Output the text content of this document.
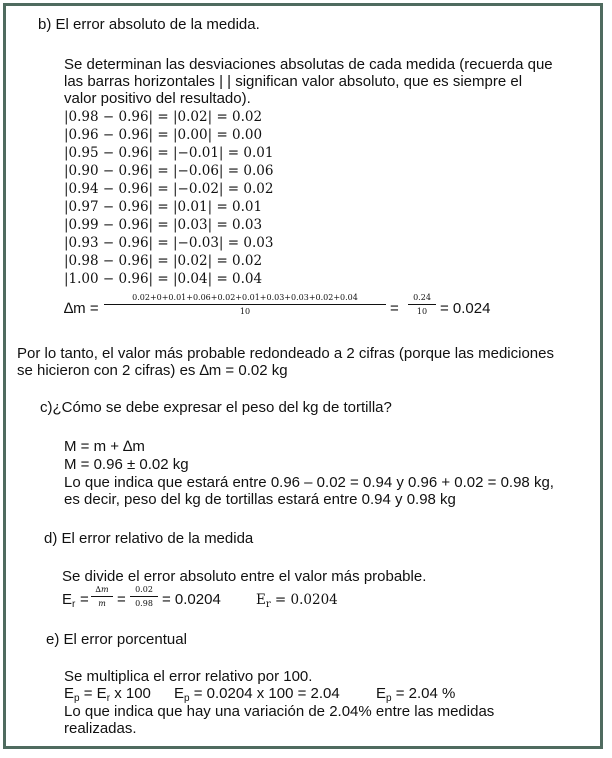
b) El error absoluto de la medida.
Se determinan las desviaciones absolutas de cada medida (recuerda que
las barras horizontales | | significan valor absoluto, que es siempre el
valor positivo del resultado).
|0.98 − 0.96| = |0.02| = 0.02
|0.96 − 0.96| = |0.00| = 0.00
|0.95 − 0.96| = |−0.01| = 0.01
|0.90 − 0.96| = |−0.06| = 0.06
|0.94 − 0.96| = |−0.02| = 0.02
|0.97 − 0.96| = |0.01| = 0.01
|0.99 − 0.96| = |0.03| = 0.03
|0.93 − 0.96| = |−0.03| = 0.03
|0.98 − 0.96| = |0.02| = 0.02
|1.00 − 0.96| = |0.04| = 0.04
∆m =
0.02+0+0.01+0.06+0.02+0.01+0.03+0.03+0.02+0.04
10	=
0.24
10 = 0.024
Por lo tanto, el valor más probable redondeado a 2 cifras (porque las mediciones
se hicieron con 2 cifras) es ∆m = 0.02 kg
c)¿Cómo se debe expresar el peso del kg de tortilla?
M = m + ∆m
M = 0.96 ± 0.02 kg
Lo que indica que estará entre 0.96 – 0.02 = 0.94 y 0.96 + 0.02 = 0.98 kg,
es decir, peso del kg de tortillas estará entre 0.94 y 0.98 kg
d) El error relativo de la medida
Se divide el error absoluto entre el valor más probable.
$E_r$ =
∆m
m =
0.02
0.98 = 0.0204	$E_r = 0.0204$
e) El error porcentual
Se multiplica el error relativo por 100.
$E_p = E_r$ x 100 $E_p = 0.0204$ x 100 = 2.04 $E_p = 2.04$ %
Lo que indica que hay una variación de 2.04% entre las medidas
realizadas.
